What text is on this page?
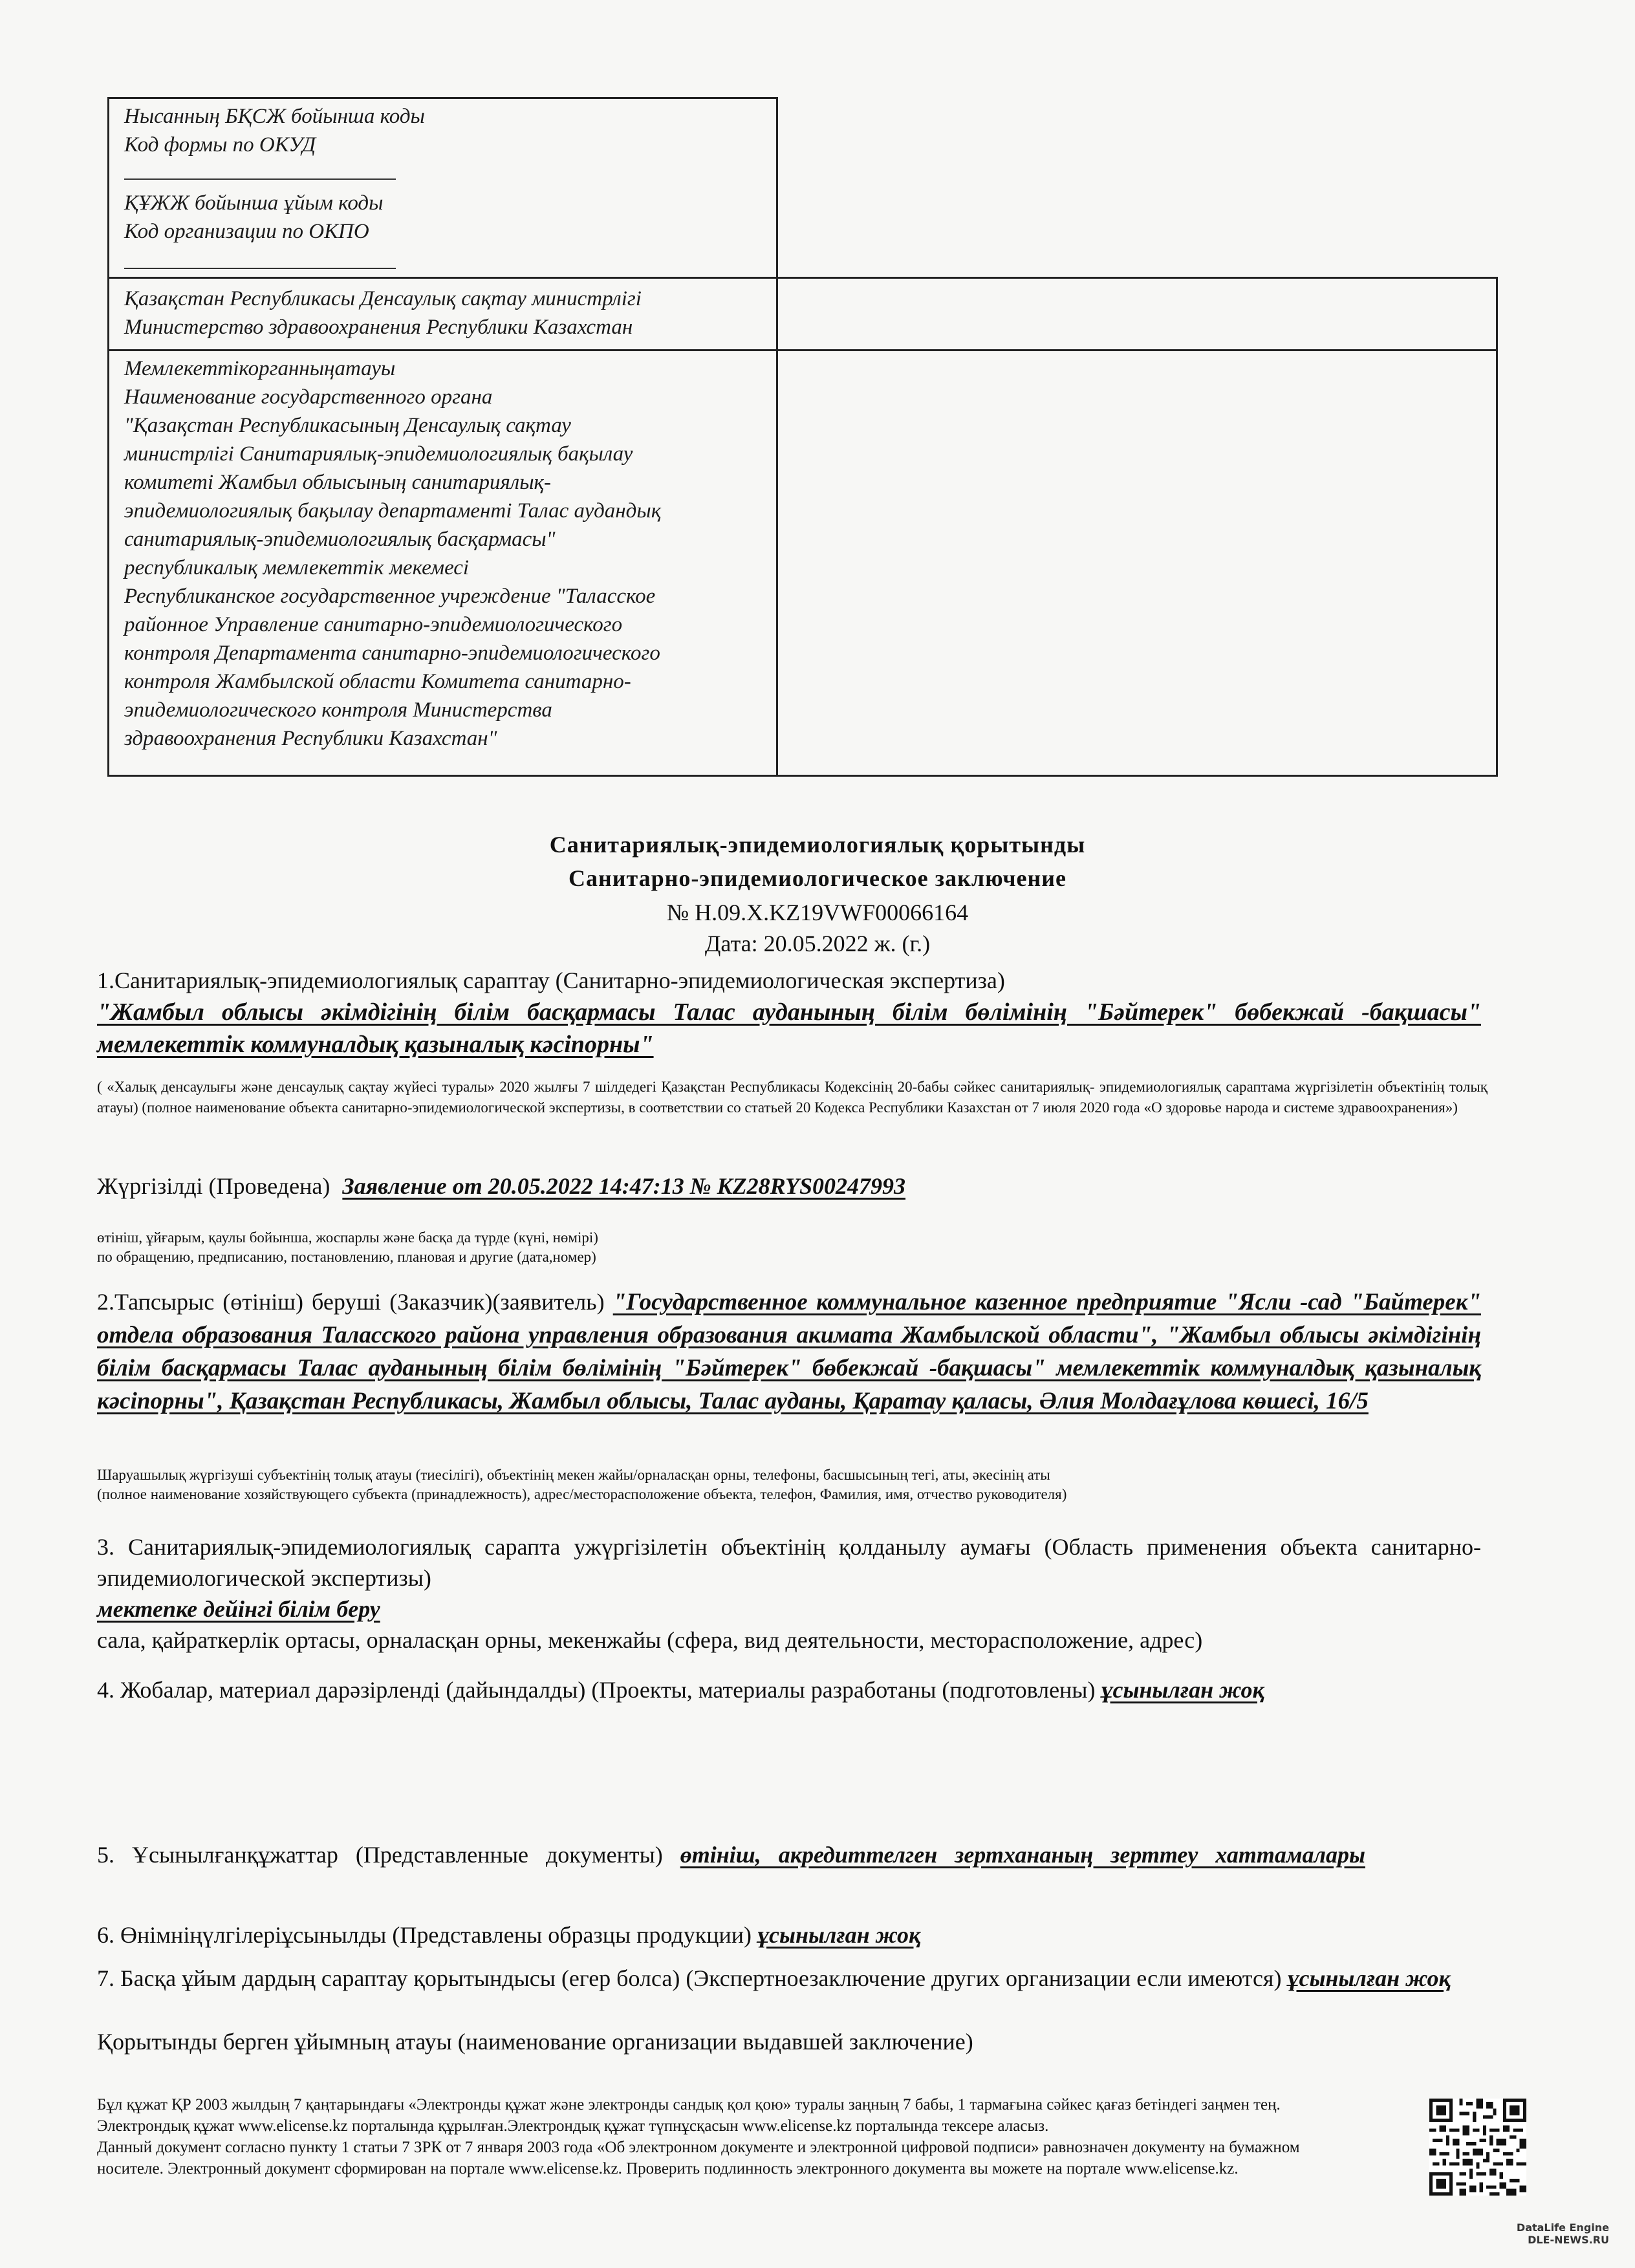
Нысанның БҚСЖ бойынша коды
Код формы по ОКУД
ҚҰЖЖ бойынша ұйым коды
Код организации по ОКПО
Қазақстан Республикасы Денсаулық сақтау министрлігі
Министерство здравоохранения Республики Казахстан
Мемлекеттікорганныңатауы
Наименование государственного органа
"Қазақстан Республикасының Денсаулық сақтау
министрлігі Санитариялық-эпидемиологиялық бақылау
комитеті Жамбыл облысының санитариялық-
эпидемиологиялық бақылау департаменті Талас аудандық
санитариялық-эпидемиологиялық басқармасы"
республикалық мемлекеттік мекемесі
Республиканское государственное учреждение "Таласское
районное Управление санитарно-эпидемиологического
контроля Департамента санитарно-эпидемиологического
контроля Жамбылской области Комитета санитарно-
эпидемиологического контроля Министерства
здравоохранения Республики Казахстан"
Санитариялық-эпидемиологиялық қорытынды
Санитарно-эпидемиологическое заключение
№ Н.09.Х.KZ19VWF00066164
Дата: 20.05.2022 ж. (г.)
1.Санитариялық-эпидемиологиялық сараптау (Санитарно-эпидемиологическая экспертиза)
"Жамбыл облысы әкімдігінің білім басқармасы Талас ауданының білім бөлімінің "Бәйтерек" бөбекжай -бақшасы" мемлекеттік коммуналдық қазыналық кәсіпорны"
( «Халық денсаулығы және денсаулық сақтау жүйесі туралы» 2020 жылғы 7 шілдедегі Қазақстан Республикасы Кодексінің 20-бабы сәйкес санитариялық- эпидемиологиялық сараптама жүргізілетін объектінің толық атауы) (полное наименование объекта санитарно-эпидемиологической экспертизы, в соответствии со статьей 20 Кодекса Республики Казахстан от 7 июля 2020 года «О здоровье народа и системе здравоохранения»)
Жүргізілді (Проведена) Заявление от 20.05.2022 14:47:13 № KZ28RYS00247993
өтініш, ұйғарым, қаулы бойынша, жоспарлы және басқа да түрде (күні, нөмірі)
по обращению, предписанию, постановлению, плановая и другие (дата,номер)
2.Тапсырыс (өтініш) беруші (Заказчик)(заявитель) "Государственное коммунальное казенное предприятие "Ясли -сад "Байтерек" отдела образования Таласского района управления образования акимата Жамбылской области", "Жамбыл облысы әкімдігінің білім басқармасы Талас ауданының білім бөлімінің "Бәйтерек" бөбекжай -бақшасы" мемлекеттік коммуналдық қазыналық кәсіпорны", Қазақстан Республикасы, Жамбыл облысы, Талас ауданы, Қаратау қаласы, Әлия Молдағұлова көшесі, 16/5
Шаруашылық жүргізуші субъектінің толық атауы (тиесілігі), объектінің мекен жайы/орналасқан орны, телефоны, басшысының тегі, аты, әкесінің аты
(полное наименование хозяйствующего субъекта (принадлежность), адрес/месторасположение объекта, телефон, Фамилия, имя, отчество руководителя)
3. Санитариялық-эпидемиологиялық сарапта ужүргізілетін объектінің қолданылу аумағы (Область применения объекта санитарно-эпидемиологической экспертизы)
мектепке дейінгі білім беру
сала, қайраткерлік ортасы, орналасқан орны, мекенжайы (сфера, вид деятельности, месторасположение, адрес)
4. Жобалар, материал дарәзірленді (дайындалды) (Проекты, материалы разработаны (подготовлены) ұсынылған жоқ
5. Ұсынылғанқұжаттар (Представленные документы) өтініш, акредиттелген зертхананың зерттеу хаттамалары
6. Өнімніңүлгілеріұсынылды (Представлены образцы продукции) ұсынылған жоқ
7. Басқа ұйым дардың сараптау қорытындысы (егер болса) (Экспертноезаключение других организации если имеются) ұсынылған жоқ
Қорытынды берген ұйымның атауы (наименование организации выдавшей заключение)
Бұл құжат ҚР 2003 жылдың 7 қаңтарындағы «Электронды құжат және электронды сандық қол қою» туралы заңның 7 бабы, 1 тармағына сәйкес қағаз бетіндегі заңмен тең.
Электрондық құжат www.elicense.kz порталында құрылған.Электрондық құжат түпнұсқасын www.elicense.kz порталында тексере аласыз.
Данный документ согласно пункту 1 статьи 7 ЗРК от 7 января 2003 года «Об электронном документе и электронной цифровой подписи» равнозначен документу на бумажном
носителе. Электронный документ сформирован на портале www.elicense.kz. Проверить подлинность электронного документа вы можете на портале www.elicense.kz.
DataLife Engine
DLE-NEWS.RU
